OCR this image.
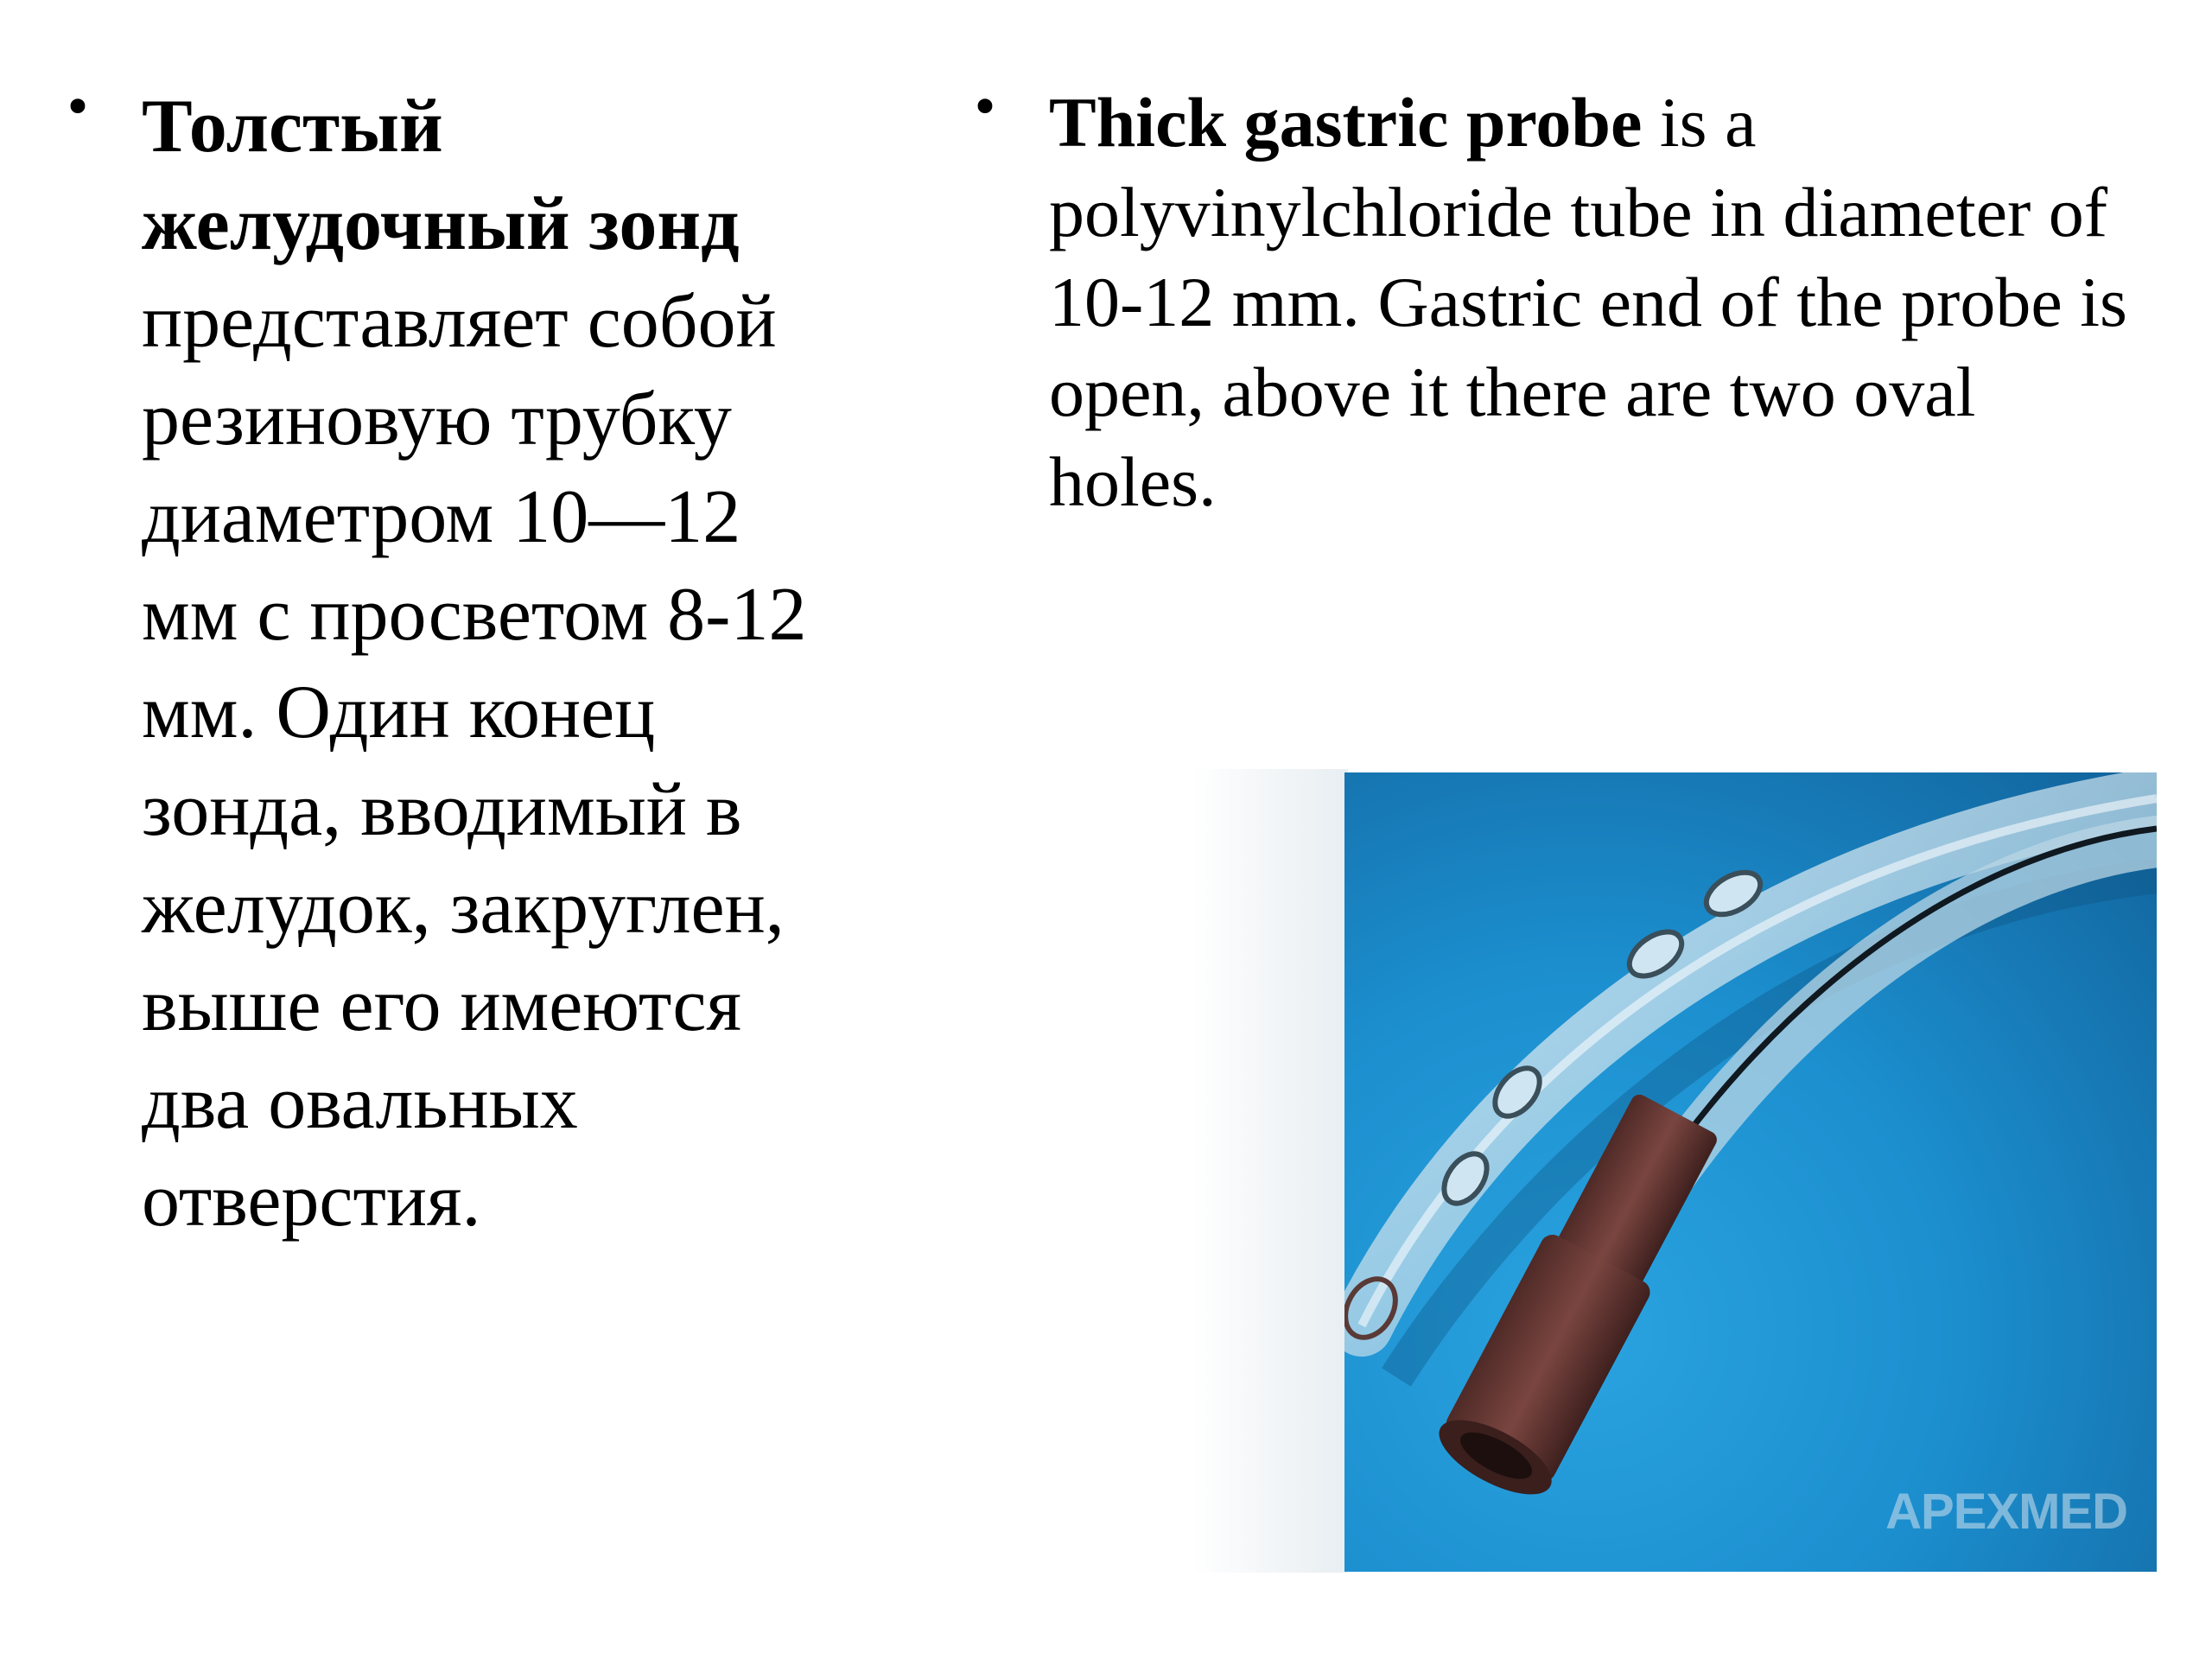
• Толстый желудочный зонд представляет собой резиновую трубку диаметром 10—12 мм с просветом 8-12 мм. Один конец зонда, вводимый в желудок, закруглен, выше его имеются два овальных отверстия.
• Thick gastric probe is a polyvinylchloride tube in diameter of 10-12 mm. Gastric end of the probe is open, above it there are two oval holes.
APEXMED
